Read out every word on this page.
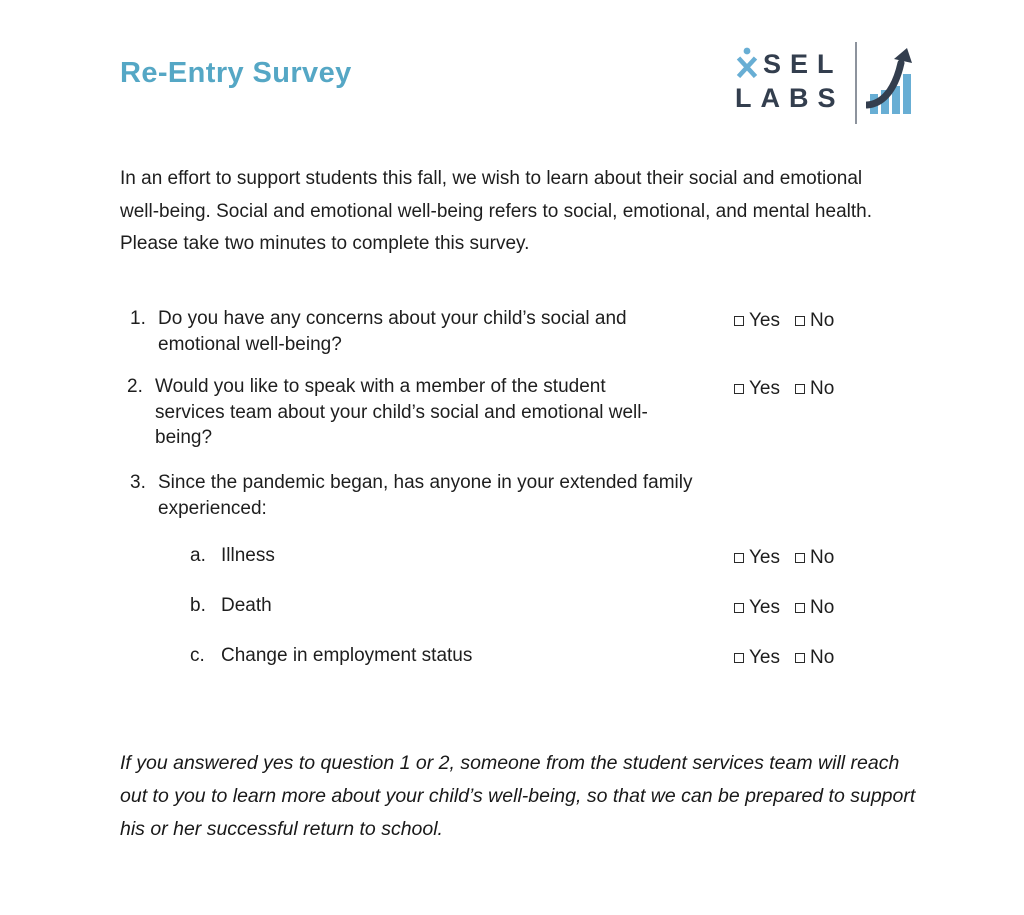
Re-Entry Survey	SEL
LABS

In an effort to support students this fall, we wish to learn about their social and emotional well-being. Social and emotional well-being refers to social, emotional, and mental health. Please take two minutes to complete this survey.

1. Do you have any concerns about your child’s social and emotional well-being?
Yes No
2. Would you like to speak with a member of the student services team about your child’s social and emotional well-being?
Yes No
3. Since the pandemic began, has anyone in your extended family experienced:
a. Illness	Yes No
b. Death	Yes No
c. Change in employment status	Yes No

If you answered yes to question 1 or 2, someone from the student services team will reach out to you to learn more about your child’s well-being, so that we can be prepared to support his or her successful return to school.
